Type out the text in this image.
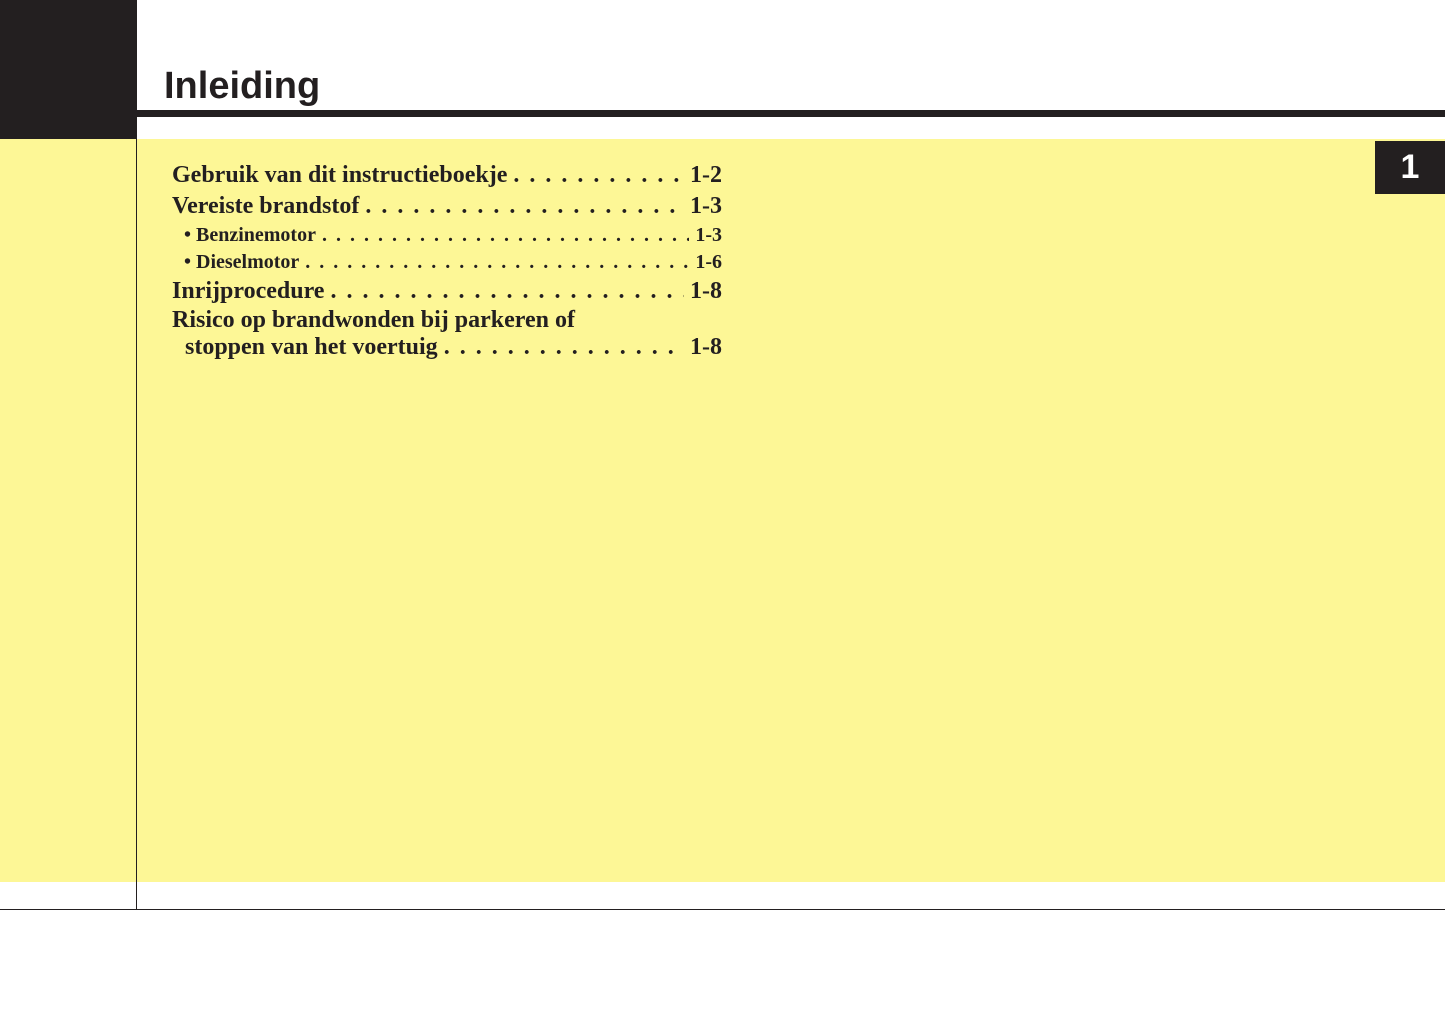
Inleiding
1
Gebruik van dit instructieboekje . . .	1-2
Vereiste brandstof . . .	1-3
• Benzinemotor . . .	1-3
• Dieselmotor . . .	1-6
Inrijprocedure . . .	1-8
Risico op brandwonden bij parkeren of
stoppen van het voertuig . . .	1-8
